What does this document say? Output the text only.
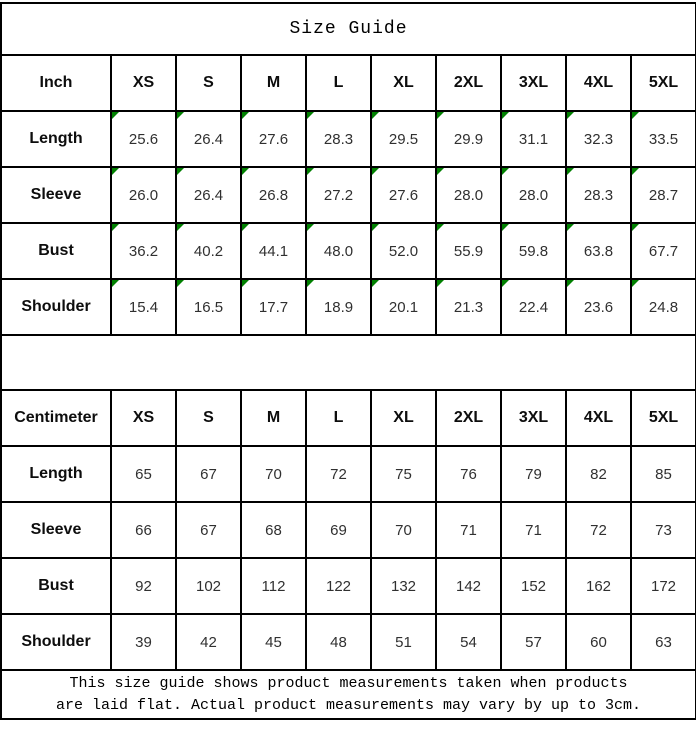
Size Guide									
Inch	XS	S	M	L	XL	2XL	3XL	4XL	5XL
Length	25.6	26.4	27.6	28.3	29.5	29.9	31.1	32.3	33.5

Sleeve	26.0	26.4	26.8	27.2	27.6	28.0	28.0	28.3	28.7

Bust	36.2	40.2	44.1	48.0	52.0	55.9	59.8	63.8	67.7

Shoulder	15.4	16.5	17.7	18.9	20.1	21.3	22.4	23.6	24.8

Centimeter	XS	S	M	L	XL	2XL	3XL	4XL	5XL
Length	65	67	70	72	75	76	79	82	85
Sleeve	66	67	68	69	70	71	71	72	73
Bust	92	102	112	122	132	142	152	162	172
Shoulder	39	42	45	48	51	54	57	60	63

This size guide shows product measurements taken when products
are laid flat. Actual product measurements may vary by up to 3cm.									
